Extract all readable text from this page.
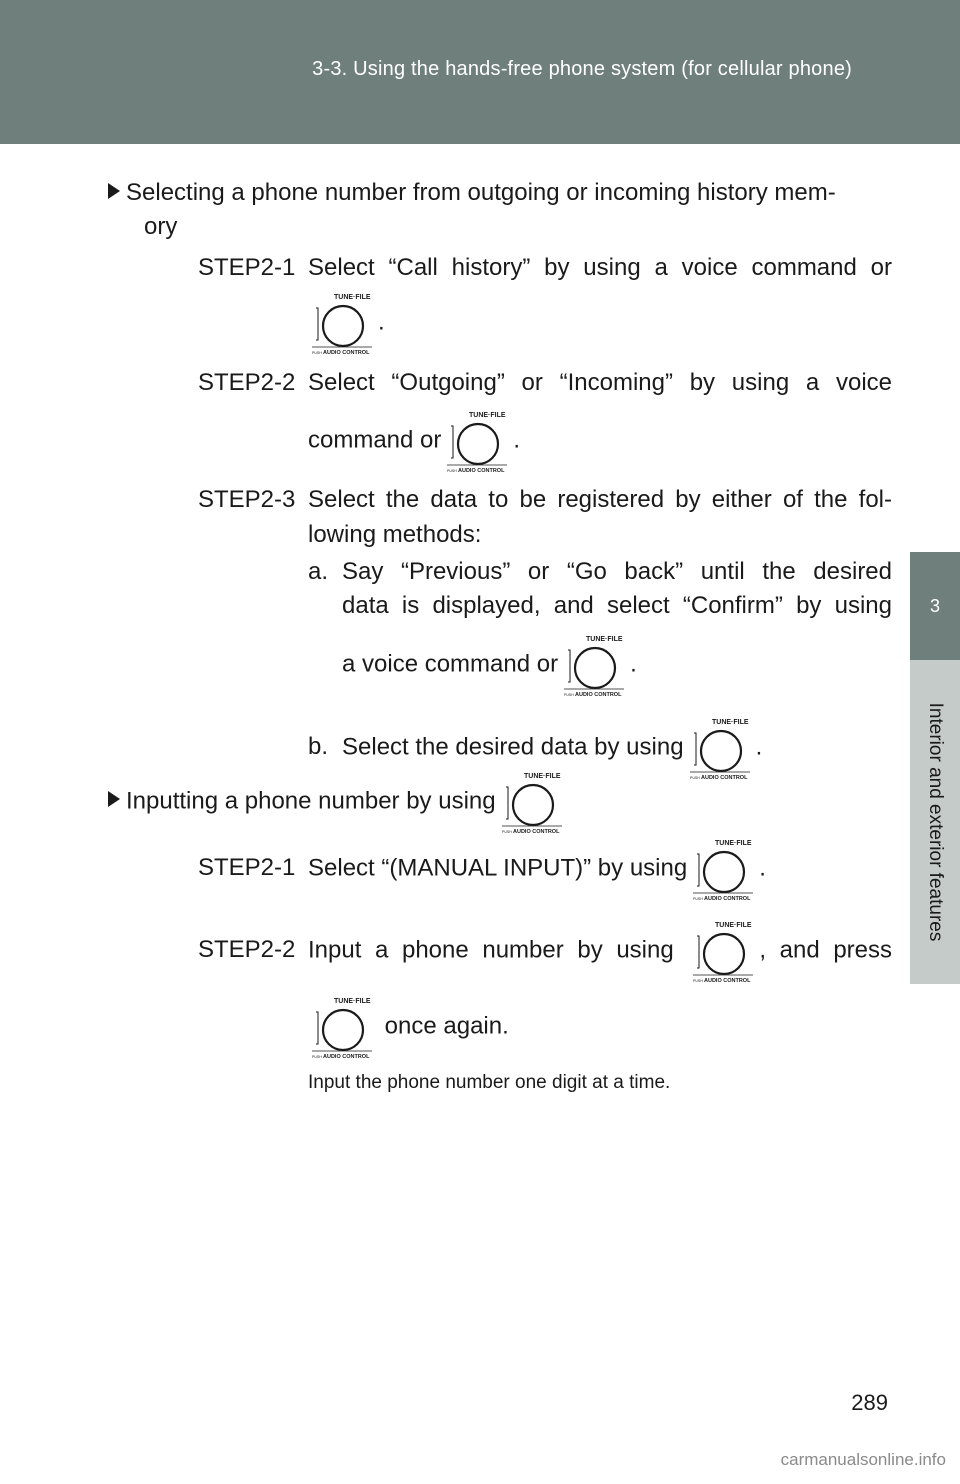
3-3. Using the hands-free phone system (for cellular phone)
3
Interior and exterior features
Selecting a phone number from outgoing or incoming history mem-
ory
STEP2-1 Select “Call history” by using a voice command or
TUNE·FILE
PUSH AUDIO CONTROL
.
STEP2-2 Select “Outgoing” or “Incoming” by using a voice
command or
TUNE·FILE
PUSH AUDIO CONTROL
.
STEP2-3 Select the data to be registered by either of the fol-
lowing methods:
a. Say “Previous” or “Go back” until the desired
data is displayed, and select “Confirm” by using
a voice command or
TUNE·FILE
PUSH AUDIO CONTROL
.
b. Select the desired data by using
TUNE·FILE
PUSH AUDIO CONTROL
.
Inputting a phone number by using
TUNE·FILE
PUSH AUDIO CONTROL
STEP2-1 Select “(MANUAL INPUT)” by using
TUNE·FILE
PUSH AUDIO CONTROL
.
STEP2-2 Input a phone number by using
TUNE·FILE
PUSH AUDIO CONTROL
, and press
TUNE·FILE
PUSH AUDIO CONTROL
once again.
Input the phone number one digit at a time.
289
carmanualsonline.info
